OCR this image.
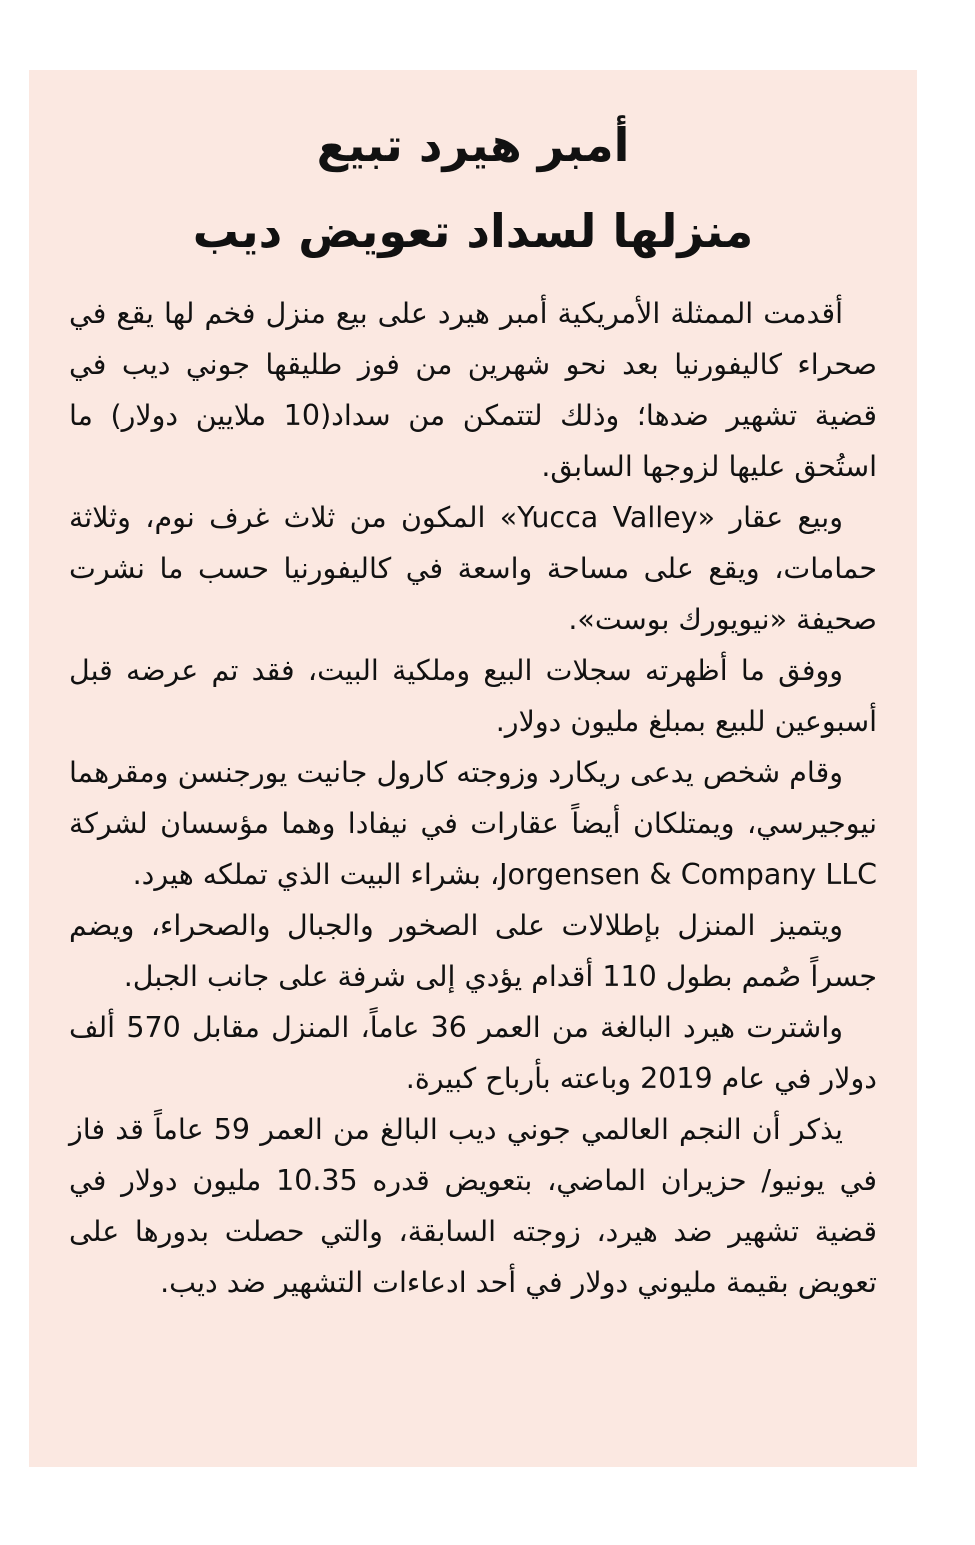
أمبر هيرد تبيع
منزلها لسداد تعويض ديب

أقدمت الممثلة الأمريكية أمبر هيرد على بيع منزل فخم لها يقع في صحراء كاليفورنيا بعد نحو شهرين من فوز طليقها جوني ديب في قضية تشهير ضدها؛ وذلك لتتمكن من سداد(10 ملايين دولار) ما استُحق عليها لزوجها السابق.

وبيع عقار «Yucca Valley» المكون من ثلاث غرف نوم، وثلاثة حمامات، ويقع على مساحة واسعة في كاليفورنيا حسب ما نشرت صحيفة «نيويورك بوست».

ووفق ما أظهرته سجلات البيع وملكية البيت، فقد تم عرضه قبل أسبوعين للبيع بمبلغ مليون دولار.

وقام شخص يدعى ريكارد وزوجته كارول جانيت يورجنسن ومقرهما نيوجيرسي، ويمتلكان أيضاً عقارات في نيفادا وهما مؤسسان لشركة Jorgensen & Company LLC، بشراء البيت الذي تملكه هيرد.

ويتميز المنزل بإطلالات على الصخور والجبال والصحراء، ويضم جسراً صُمم بطول 110 أقدام يؤدي إلى شرفة على جانب الجبل.

واشترت هيرد البالغة من العمر 36 عاماً، المنزل مقابل 570 ألف دولار في عام 2019 وباعته بأرباح كبيرة.

يذكر أن النجم العالمي جوني ديب البالغ من العمر 59 عاماً قد فاز في يونيو/ حزيران الماضي، بتعويض قدره 10.35 مليون دولار في قضية تشهير ضد هيرد، زوجته السابقة، والتي حصلت بدورها على تعويض بقيمة مليوني دولار في أحد ادعاءات التشهير ضد ديب.
